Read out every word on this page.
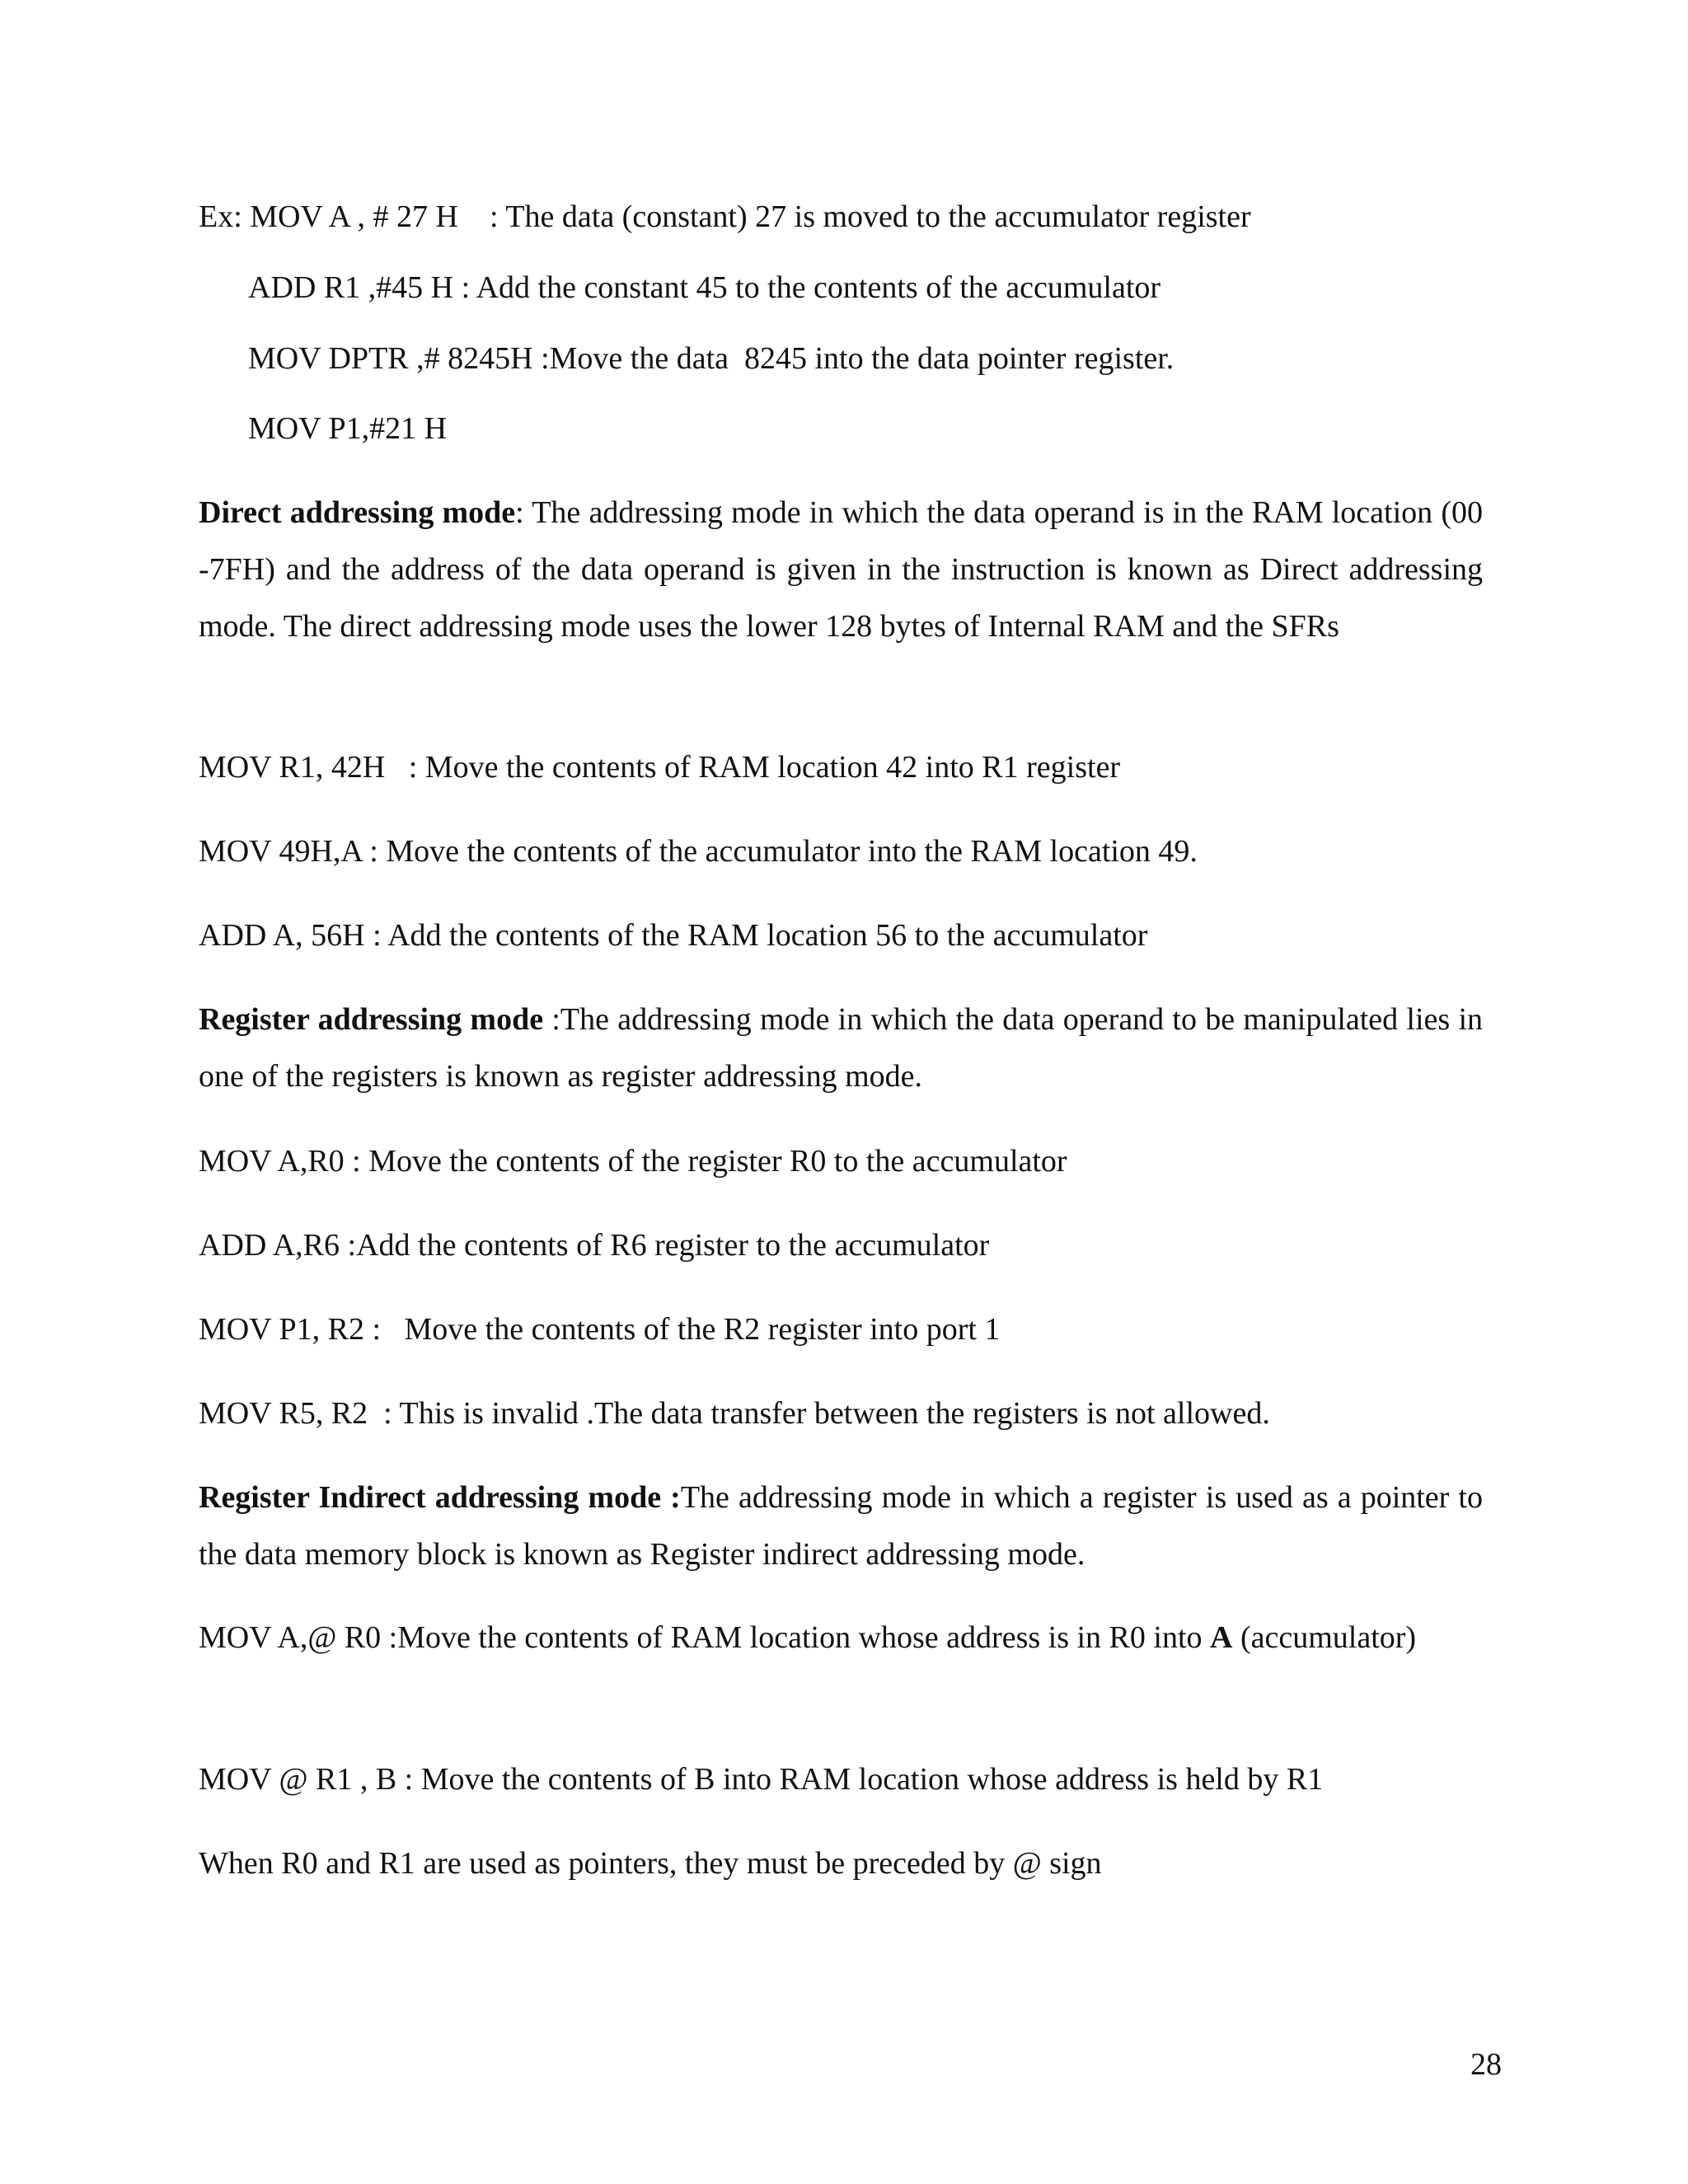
Ex: MOV A , # 27 H    : The data (constant) 27 is moved to the accumulator register
ADD R1 ,#45 H : Add the constant 45 to the contents of the accumulator
MOV DPTR ,# 8245H :Move the data  8245 into the data pointer register.
MOV P1,#21 H
Direct addressing mode: The addressing mode in which the data operand is in the RAM location (00 -7FH) and the address of the data operand is given in the instruction is known as Direct addressing mode. The direct addressing mode uses the lower 128 bytes of Internal RAM and the SFRs
MOV R1, 42H   : Move the contents of RAM location 42 into R1 register
MOV 49H,A : Move the contents of the accumulator into the RAM location 49.
ADD A, 56H : Add the contents of the RAM location 56 to the accumulator
Register addressing mode :The addressing mode in which the data operand to be manipulated lies in one of the registers is known as register addressing mode.
MOV A,R0 : Move the contents of the register R0 to the accumulator
ADD A,R6 :Add the contents of R6 register to the accumulator
MOV P1, R2 :   Move the contents of the R2 register into port 1
MOV R5, R2  : This is invalid .The data transfer between the registers is not allowed.
Register Indirect addressing mode :The addressing mode in which a register is used as a pointer to the data memory block is known as Register indirect addressing mode.
MOV A,@ R0 :Move the contents of RAM location whose address is in R0 into A (accumulator)
MOV @ R1 , B : Move the contents of B into RAM location whose address is held by R1
When R0 and R1 are used as pointers, they must be preceded by @ sign
28
